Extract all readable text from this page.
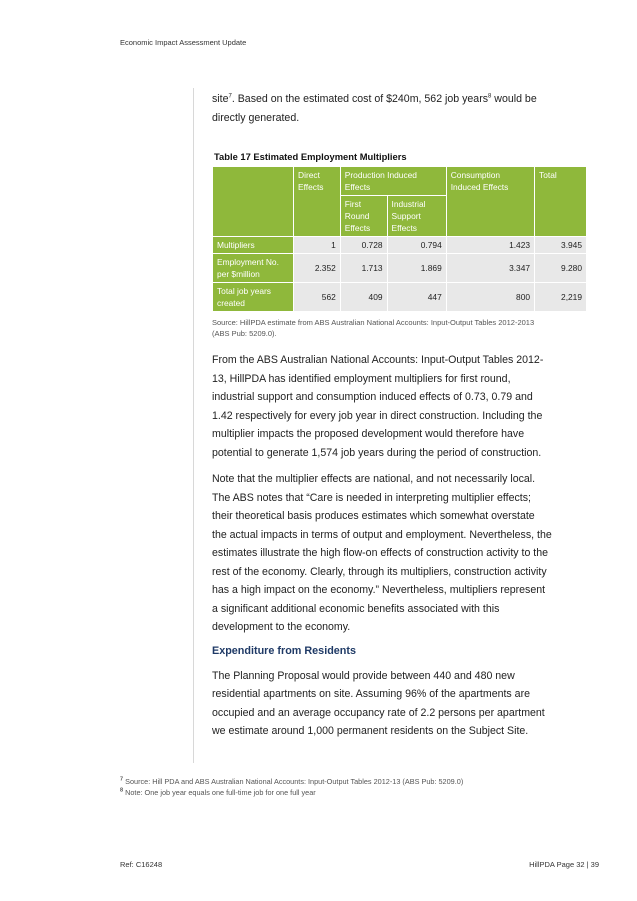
Economic Impact Assessment Update

site$^7$. Based on the estimated cost of $240m, 562 job years$^8$ would be directly generated.

Table 17 Estimated Employment Multipliers
	Direct Effects	Production Induced Effects		Consumption Induced Effects	Total
		First Round Effects	Industrial Support Effects		
Multipliers	1	0.728	0.794	1.423	3.945
Employment No. per $million	2.352	1.713	1.869	3.347	9.280
Total job years created	562	409	447	800	2,219
Source: HillPDA estimate from ABS Australian National Accounts: Input-Output Tables 2012-2013 (ABS Pub: 5209.0).

From the ABS Australian National Accounts: Input-Output Tables 2012-13, HillPDA has identified employment multipliers for first round, industrial support and consumption induced effects of 0.73, 0.79 and 1.42 respectively for every job year in direct construction. Including the multiplier impacts the proposed development would therefore have potential to generate 1,574 job years during the period of construction.

Note that the multiplier effects are national, and not necessarily local. The ABS notes that “Care is needed in interpreting multiplier effects; their theoretical basis produces estimates which somewhat overstate the actual impacts in terms of output and employment. Nevertheless, the estimates illustrate the high flow-on effects of construction activity to the rest of the economy. Clearly, through its multipliers, construction activity has a high impact on the economy.” Nevertheless, multipliers represent a significant additional economic benefits associated with this development to the economy.

Expenditure from Residents

The Planning Proposal would provide between 440 and 480 new residential apartments on site. Assuming 96% of the apartments are occupied and an average occupancy rate of 2.2 persons per apartment we estimate around 1,000 permanent residents on the Subject Site.

$^7$ Source: Hill PDA and ABS Australian National Accounts: Input-Output Tables 2012-13 (ABS Pub: 5209.0)
$^8$ Note: One job year equals one full-time job for one full year
Ref: C16248	HillPDA Page 32 | 39
